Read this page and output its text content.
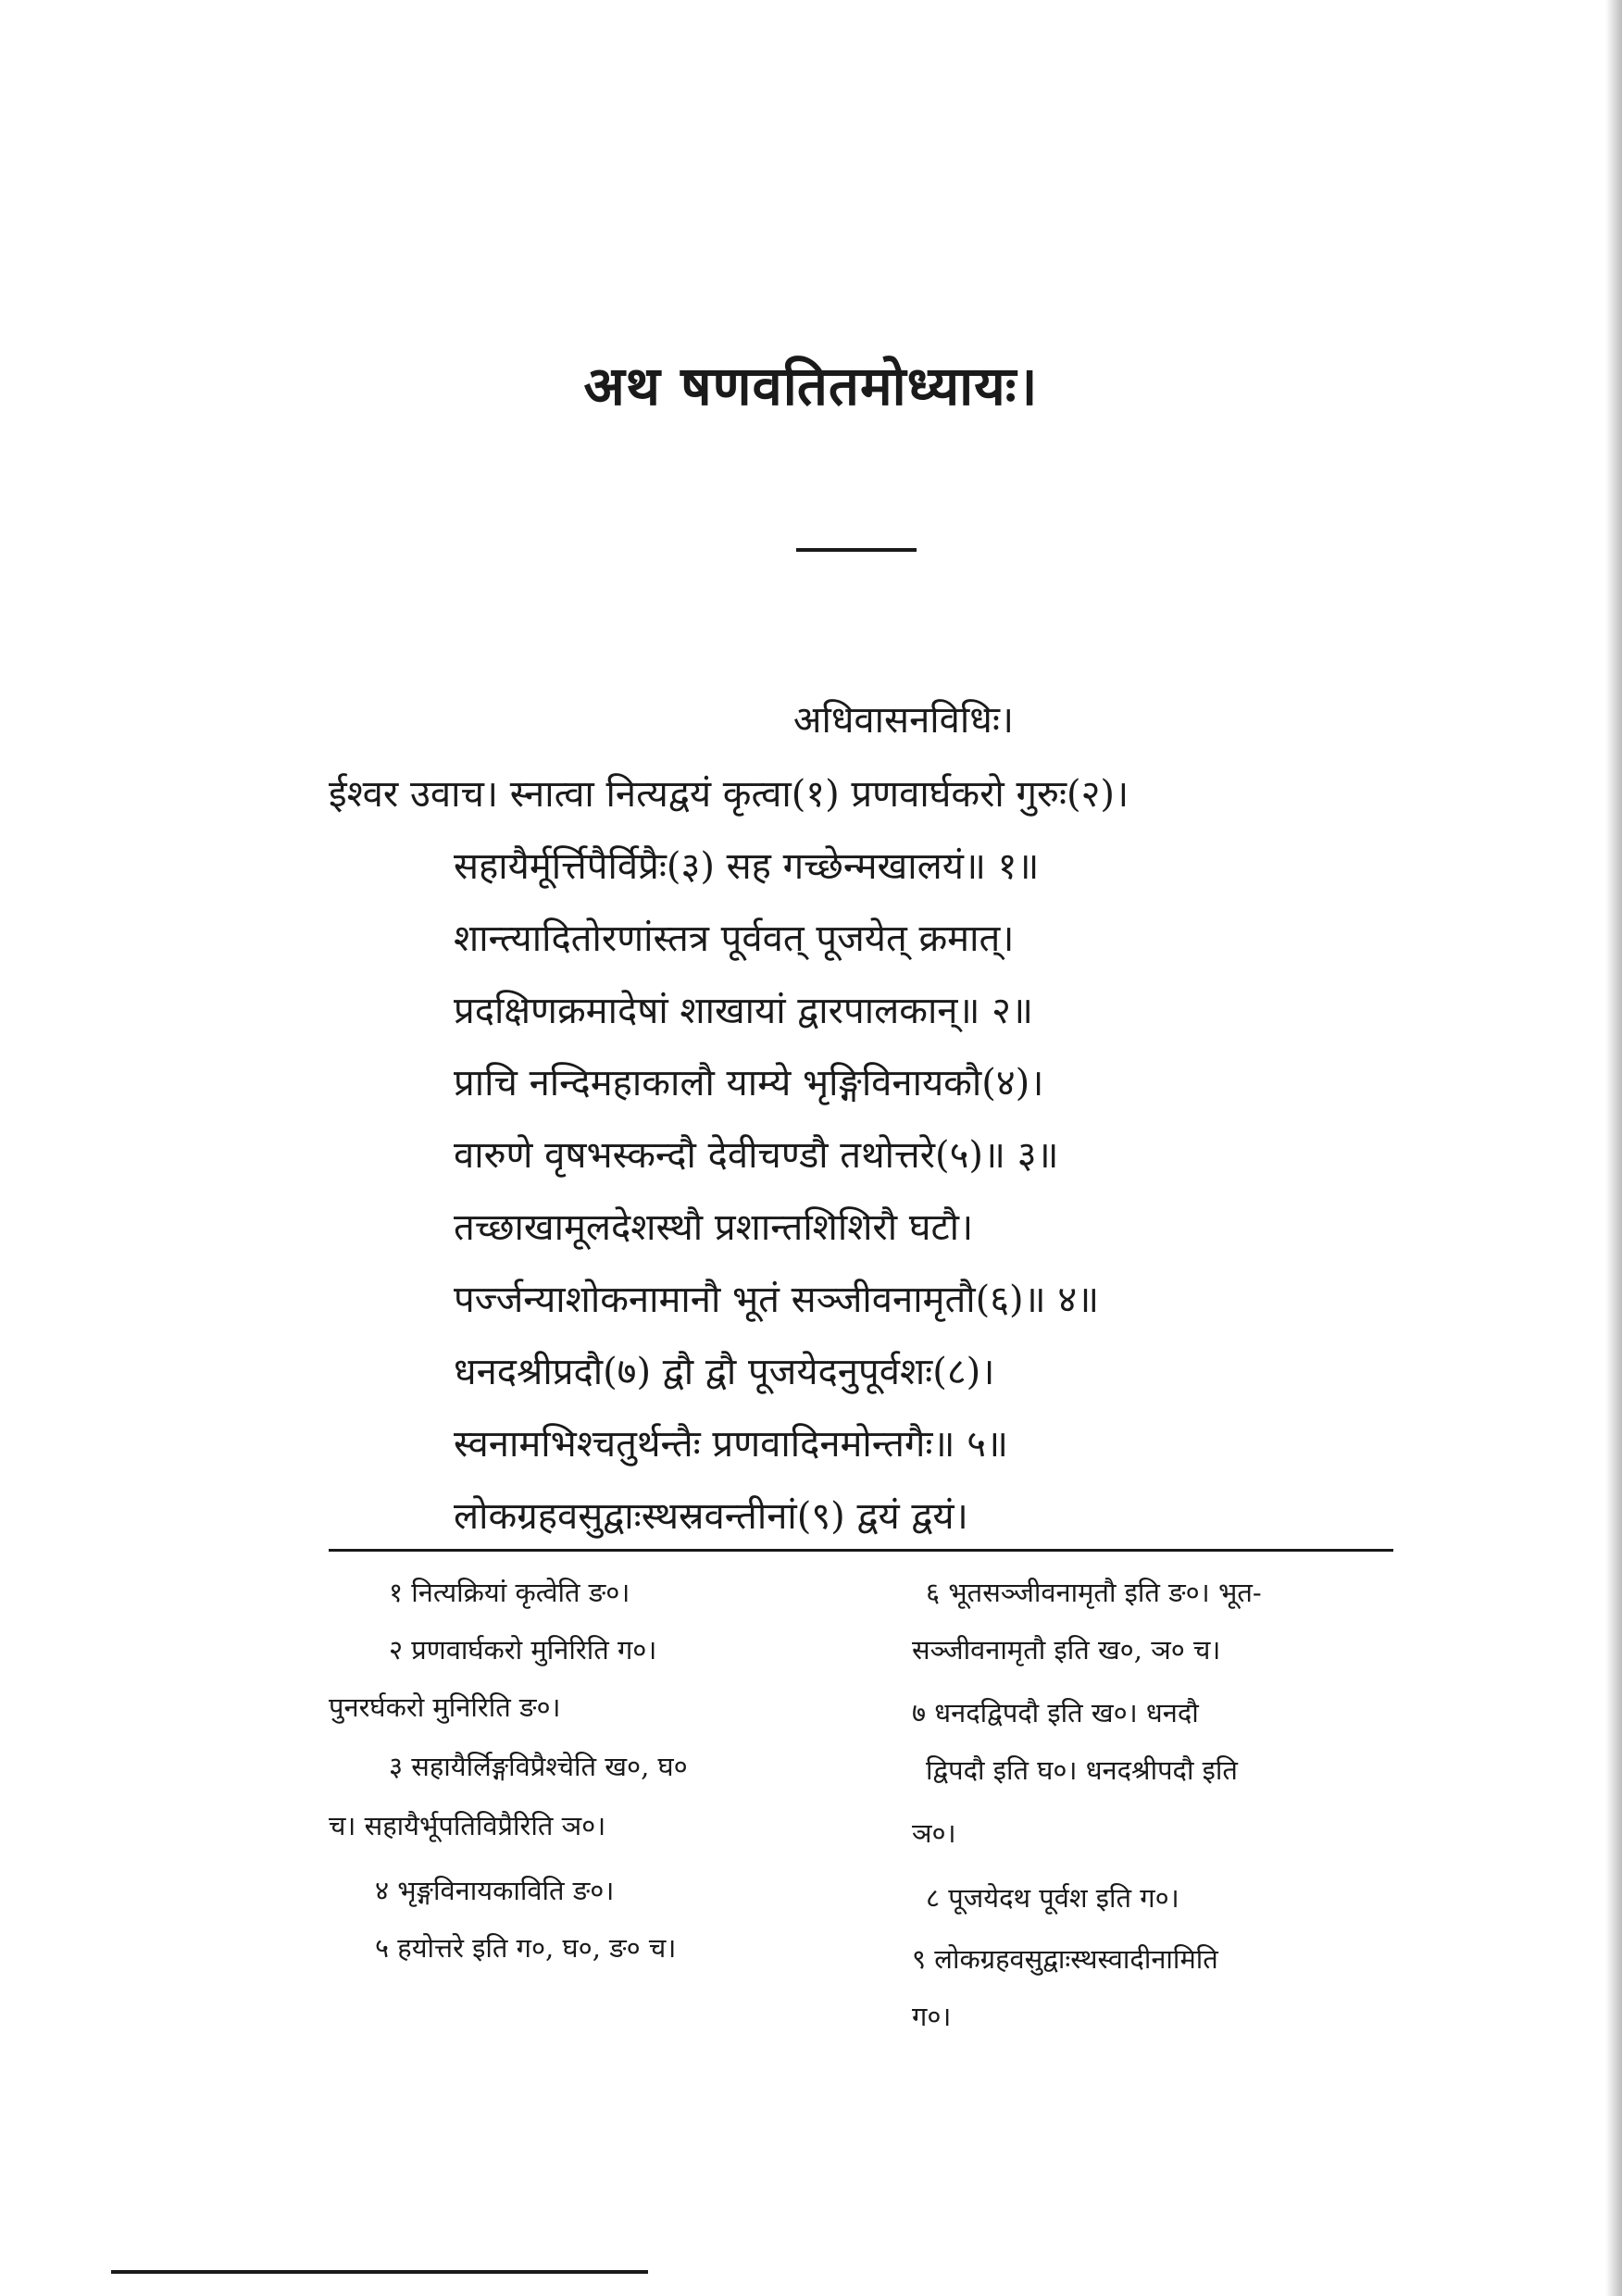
अथ षणवतितमोध्यायः।
अधिवासनविधिः।
ईश्वर उवाच। स्नात्वा नित्यद्वयं कृत्वा(१) प्रणवार्घकरो गुरुः(२)।
सहायैर्मूर्त्तिपैर्विप्रैः(३) सह गच्छेन्मखालयं॥ १॥
शान्त्यादितोरणांस्तत्र पूर्ववत् पूजयेत् क्रमात्।
प्रदक्षिणक्रमादेषां शाखायां द्वारपालकान्॥ २॥
प्राचि नन्दिमहाकालौ याम्ये भृङ्गिविनायकौ(४)।
वारुणे वृषभस्कन्दौ देवीचण्डौ तथोत्तरे(५)॥ ३॥
तच्छाखामूलदेशस्थौ प्रशान्तशिशिरौ घटौ।
पर्ज्जन्याशोकनामानौ भूतं सञ्जीवनामृतौ(६)॥ ४॥
धनदश्रीप्रदौ(७) द्वौ द्वौ पूजयेदनुपूर्वशः(८)।
स्वनामभिश्चतुर्थन्तैः प्रणवादिनमोन्तगैः॥ ५॥
लोकग्रहवसुद्वाःस्थस्रवन्तीनां(९) द्वयं द्वयं।
१ नित्यक्रियां कृत्वेति ङ०।
२ प्रणवार्घकरो मुनिरिति ग०।
पुनरर्घकरो मुनिरिति ङ०।
३ सहायैर्लिङ्गविप्रैश्चेति ख०, घ०
च। सहायैर्भूपतिविप्रैरिति ञ०।
४ भृङ्गविनायकाविति ङ०।
५ हयोत्तरे इति ग०, घ०, ङ० च।
६ भूतसञ्जीवनामृतौ इति ङ०। भूत-
सञ्जीवनामृतौ इति ख०, ञ० च।
७ धनदद्विपदौ इति ख०। धनदौ
द्विपदौ इति घ०। धनदश्रीपदौ इति
ञ०।
८ पूजयेदथ पूर्वश इति ग०।
९ लोकग्रहवसुद्वाःस्थस्वादीनामिति
ग०।
